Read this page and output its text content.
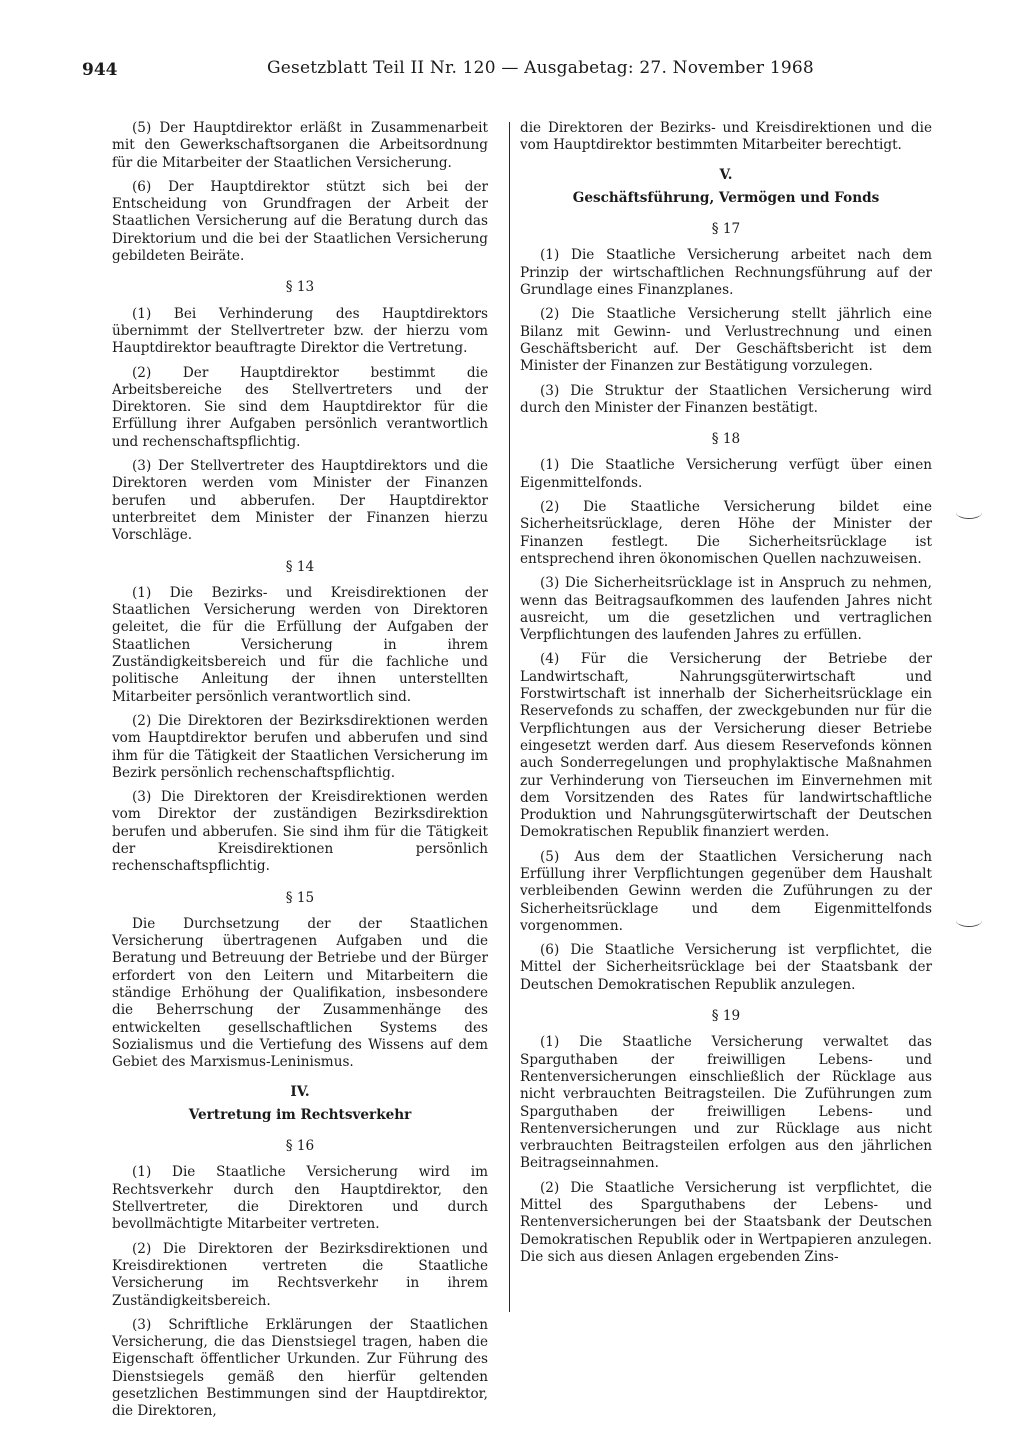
944	Gesetzblatt Teil II Nr. 120 — Ausgabetag: 27. November 1968

(5) Der Hauptdirektor erläßt in Zusammenarbeit mit den Gewerkschaftsorganen die Arbeitsordnung für die Mitarbeiter der Staatlichen Versicherung.

(6) Der Hauptdirektor stützt sich bei der Entscheidung von Grundfragen der Arbeit der Staatlichen Versicherung auf die Beratung durch das Direktorium und die bei der Staatlichen Versicherung gebildeten Beiräte.

§ 13

(1) Bei Verhinderung des Hauptdirektors übernimmt der Stellvertreter bzw. der hierzu vom Hauptdirektor beauftragte Direktor die Vertretung.

(2) Der Hauptdirektor bestimmt die Arbeitsbereiche des Stellvertreters und der Direktoren. Sie sind dem Hauptdirektor für die Erfüllung ihrer Aufgaben persönlich verantwortlich und rechenschaftspflichtig.

(3) Der Stellvertreter des Hauptdirektors und die Direktoren werden vom Minister der Finanzen berufen und abberufen. Der Hauptdirektor unterbreitet dem Minister der Finanzen hierzu Vorschläge.

§ 14

(1) Die Bezirks- und Kreisdirektionen der Staatlichen Versicherung werden von Direktoren geleitet, die für die Erfüllung der Aufgaben der Staatlichen Versicherung in ihrem Zuständigkeitsbereich und für die fachliche und politische Anleitung der ihnen unterstellten Mitarbeiter persönlich verantwortlich sind.

(2) Die Direktoren der Bezirksdirektionen werden vom Hauptdirektor berufen und abberufen und sind ihm für die Tätigkeit der Staatlichen Versicherung im Bezirk persönlich rechenschaftspflichtig.

(3) Die Direktoren der Kreisdirektionen werden vom Direktor der zuständigen Bezirksdirektion berufen und abberufen. Sie sind ihm für die Tätigkeit der Kreisdirektionen persönlich rechenschaftspflichtig.

§ 15

Die Durchsetzung der der Staatlichen Versicherung übertragenen Aufgaben und die Beratung und Betreuung der Betriebe und der Bürger erfordert von den Leitern und Mitarbeitern die ständige Erhöhung der Qualifikation, insbesondere die Beherrschung der Zusammenhänge des entwickelten gesellschaftlichen Systems des Sozialismus und die Vertiefung des Wissens auf dem Gebiet des Marxismus-Leninismus.

IV.
Vertretung im Rechtsverkehr
§ 16

(1) Die Staatliche Versicherung wird im Rechtsverkehr durch den Hauptdirektor, den Stellvertreter, die Direktoren und durch bevollmächtigte Mitarbeiter vertreten.

(2) Die Direktoren der Bezirksdirektionen und Kreisdirektionen vertreten die Staatliche Versicherung im Rechtsverkehr in ihrem Zuständigkeitsbereich.

(3) Schriftliche Erklärungen der Staatlichen Versicherung, die das Dienstsiegel tragen, haben die Eigenschaft öffentlicher Urkunden. Zur Führung des Dienstsiegels gemäß den hierfür geltenden gesetzlichen Bestimmungen sind der Hauptdirektor, die Direktoren,

die Direktoren der Bezirks- und Kreisdirektionen und die vom Hauptdirektor bestimmten Mitarbeiter berechtigt.

V.
Geschäftsführung, Vermögen und Fonds
§ 17

(1) Die Staatliche Versicherung arbeitet nach dem Prinzip der wirtschaftlichen Rechnungsführung auf der Grundlage eines Finanzplanes.

(2) Die Staatliche Versicherung stellt jährlich eine Bilanz mit Gewinn- und Verlustrechnung und einen Geschäftsbericht auf. Der Geschäftsbericht ist dem Minister der Finanzen zur Bestätigung vorzulegen.

(3) Die Struktur der Staatlichen Versicherung wird durch den Minister der Finanzen bestätigt.

§ 18

(1) Die Staatliche Versicherung verfügt über einen Eigenmittelfonds.

(2) Die Staatliche Versicherung bildet eine Sicherheitsrücklage, deren Höhe der Minister der Finanzen festlegt. Die Sicherheitsrücklage ist entsprechend ihren ökonomischen Quellen nachzuweisen.

(3) Die Sicherheitsrücklage ist in Anspruch zu nehmen, wenn das Beitragsaufkommen des laufenden Jahres nicht ausreicht, um die gesetzlichen und vertraglichen Verpflichtungen des laufenden Jahres zu erfüllen.

(4) Für die Versicherung der Betriebe der Landwirtschaft, Nahrungsgüterwirtschaft und Forstwirtschaft ist innerhalb der Sicherheitsrücklage ein Reservefonds zu schaffen, der zweckgebunden nur für die Verpflichtungen aus der Versicherung dieser Betriebe eingesetzt werden darf. Aus diesem Reservefonds können auch Sonderregelungen und prophylaktische Maßnahmen zur Verhinderung von Tierseuchen im Einvernehmen mit dem Vorsitzenden des Rates für landwirtschaftliche Produktion und Nahrungsgüterwirtschaft der Deutschen Demokratischen Republik finanziert werden.

(5) Aus dem der Staatlichen Versicherung nach Erfüllung ihrer Verpflichtungen gegenüber dem Haushalt verbleibenden Gewinn werden die Zuführungen zu der Sicherheitsrücklage und dem Eigenmittelfonds vorgenommen.

(6) Die Staatliche Versicherung ist verpflichtet, die Mittel der Sicherheitsrücklage bei der Staatsbank der Deutschen Demokratischen Republik anzulegen.

§ 19

(1) Die Staatliche Versicherung verwaltet das Sparguthaben der freiwilligen Lebens- und Rentenversicherungen einschließlich der Rücklage aus nicht verbrauchten Beitragsteilen. Die Zuführungen zum Sparguthaben der freiwilligen Lebens- und Rentenversicherungen und zur Rücklage aus nicht verbrauchten Beitragsteilen erfolgen aus den jährlichen Beitragseinnahmen.

(2) Die Staatliche Versicherung ist verpflichtet, die Mittel des Sparguthabens der Lebens- und Rentenversicherungen bei der Staatsbank der Deutschen Demokratischen Republik oder in Wertpapieren anzulegen. Die sich aus diesen Anlagen ergebenden Zins-
